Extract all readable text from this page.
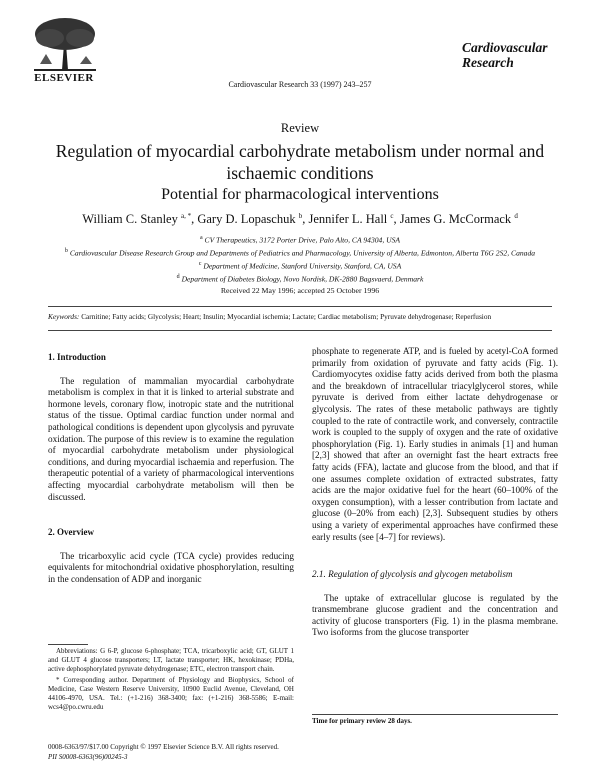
ELSEVIER
Cardiovascular Research 33 (1997) 243–257
Cardiovascular
Research
Review
Regulation of myocardial carbohydrate metabolism under normal and ischaemic conditions
Potential for pharmacological interventions
William C. Stanley $^{a, *}$, Gary D. Lopaschuk $^b$, Jennifer L. Hall $^c$, James G. McCormack $^d$
$^a$ CV Therapeutics, 3172 Porter Drive, Palo Alto, CA 94304, USA
$^b$ Cardiovascular Disease Research Group and Departments of Pediatrics and Pharmacology, University of Alberta, Edmonton, Alberta T6G 2S2, Canada
$^c$ Department of Medicine, Stanford University, Stanford, CA, USA
$^d$ Department of Diabetes Biology, Novo Nordisk, DK-2880 Bagsvaerd, Denmark
Received 22 May 1996; accepted 25 October 1996
Keywords: Carnitine; Fatty acids; Glycolysis; Heart; Insulin; Myocardial ischemia; Lactate; Cardiac metabolism; Pyruvate dehydrogenase; Reperfusion
1. Introduction

The regulation of mammalian myocardial carbohydrate metabolism is complex in that it is linked to arterial substrate and hormone levels, coronary flow, inotropic state and the nutritional status of the tissue. Optimal cardiac function under normal and pathological conditions is dependent upon glycolysis and pyruvate oxidation. The purpose of this review is to examine the regulation of myocardial carbohydrate metabolism under physiological conditions, and during myocardial ischaemia and reperfusion. The therapeutic potential of a variety of pharmacological interventions affecting myocardial carbohydrate metabolism will then be discussed.

2. Overview

The tricarboxylic acid cycle (TCA cycle) provides reducing equivalents for mitochondrial oxidative phosphorylation, resulting in the condensation of ADP and inorganic

phosphate to regenerate ATP, and is fueled by acetyl-CoA formed primarily from oxidation of pyruvate and fatty acids (Fig. 1). Cardiomyocytes oxidise fatty acids derived from both the plasma and the breakdown of intracellular triacylglycerol stores, while pyruvate is derived from either lactate dehydrogenase or glycolysis. The rates of these metabolic pathways are tightly coupled to the rate of contractile work, and conversely, contractile work is coupled to the supply of oxygen and the rate of oxidative phosphorylation (Fig. 1). Early studies in animals [1] and human [2,3] showed that after an overnight fast the heart extracts free fatty acids (FFA), lactate and glucose from the blood, and that if one assumes complete oxidation of extracted substrates, fatty acids are the major oxidative fuel for the heart (60–100% of the oxygen consumption), with a lesser contribution from lactate and glucose (0–20% from each) [2,3]. Subsequent studies by others using a variety of experimental approaches have confirmed these early results (see [4–7] for reviews).

2.1. Regulation of glycolysis and glycogen metabolism

The uptake of extracellular glucose is regulated by the transmembrane glucose gradient and the concentration and activity of glucose transporters (Fig. 1) in the plasma membrane. Two isoforms from the glucose transporter

Abbreviations: G 6-P, glucose 6-phosphate; TCA, tricarboxylic acid; GT, GLUT 1 and GLUT 4 glucose transporters; LT, lactate transporter; HK, hexokinase; PDHa, active dephosphorylated pyruvate dehydrogenase; ETC, electron transport chain.

* Corresponding author. Department of Physiology and Biophysics, School of Medicine, Case Western Reserve University, 10900 Euclid Avenue, Cleveland, OH 44106-4970, USA. Tel.: (+1-216) 368-3400; fax: (+1-216) 368-5586; E-mail: wcs4@po.cwru.edu

Time for primary review 28 days.
0008-6363/97/$17.00 Copyright © 1997 Elsevier Science B.V. All rights reserved.
PII S0008-6363(96)00245-3
